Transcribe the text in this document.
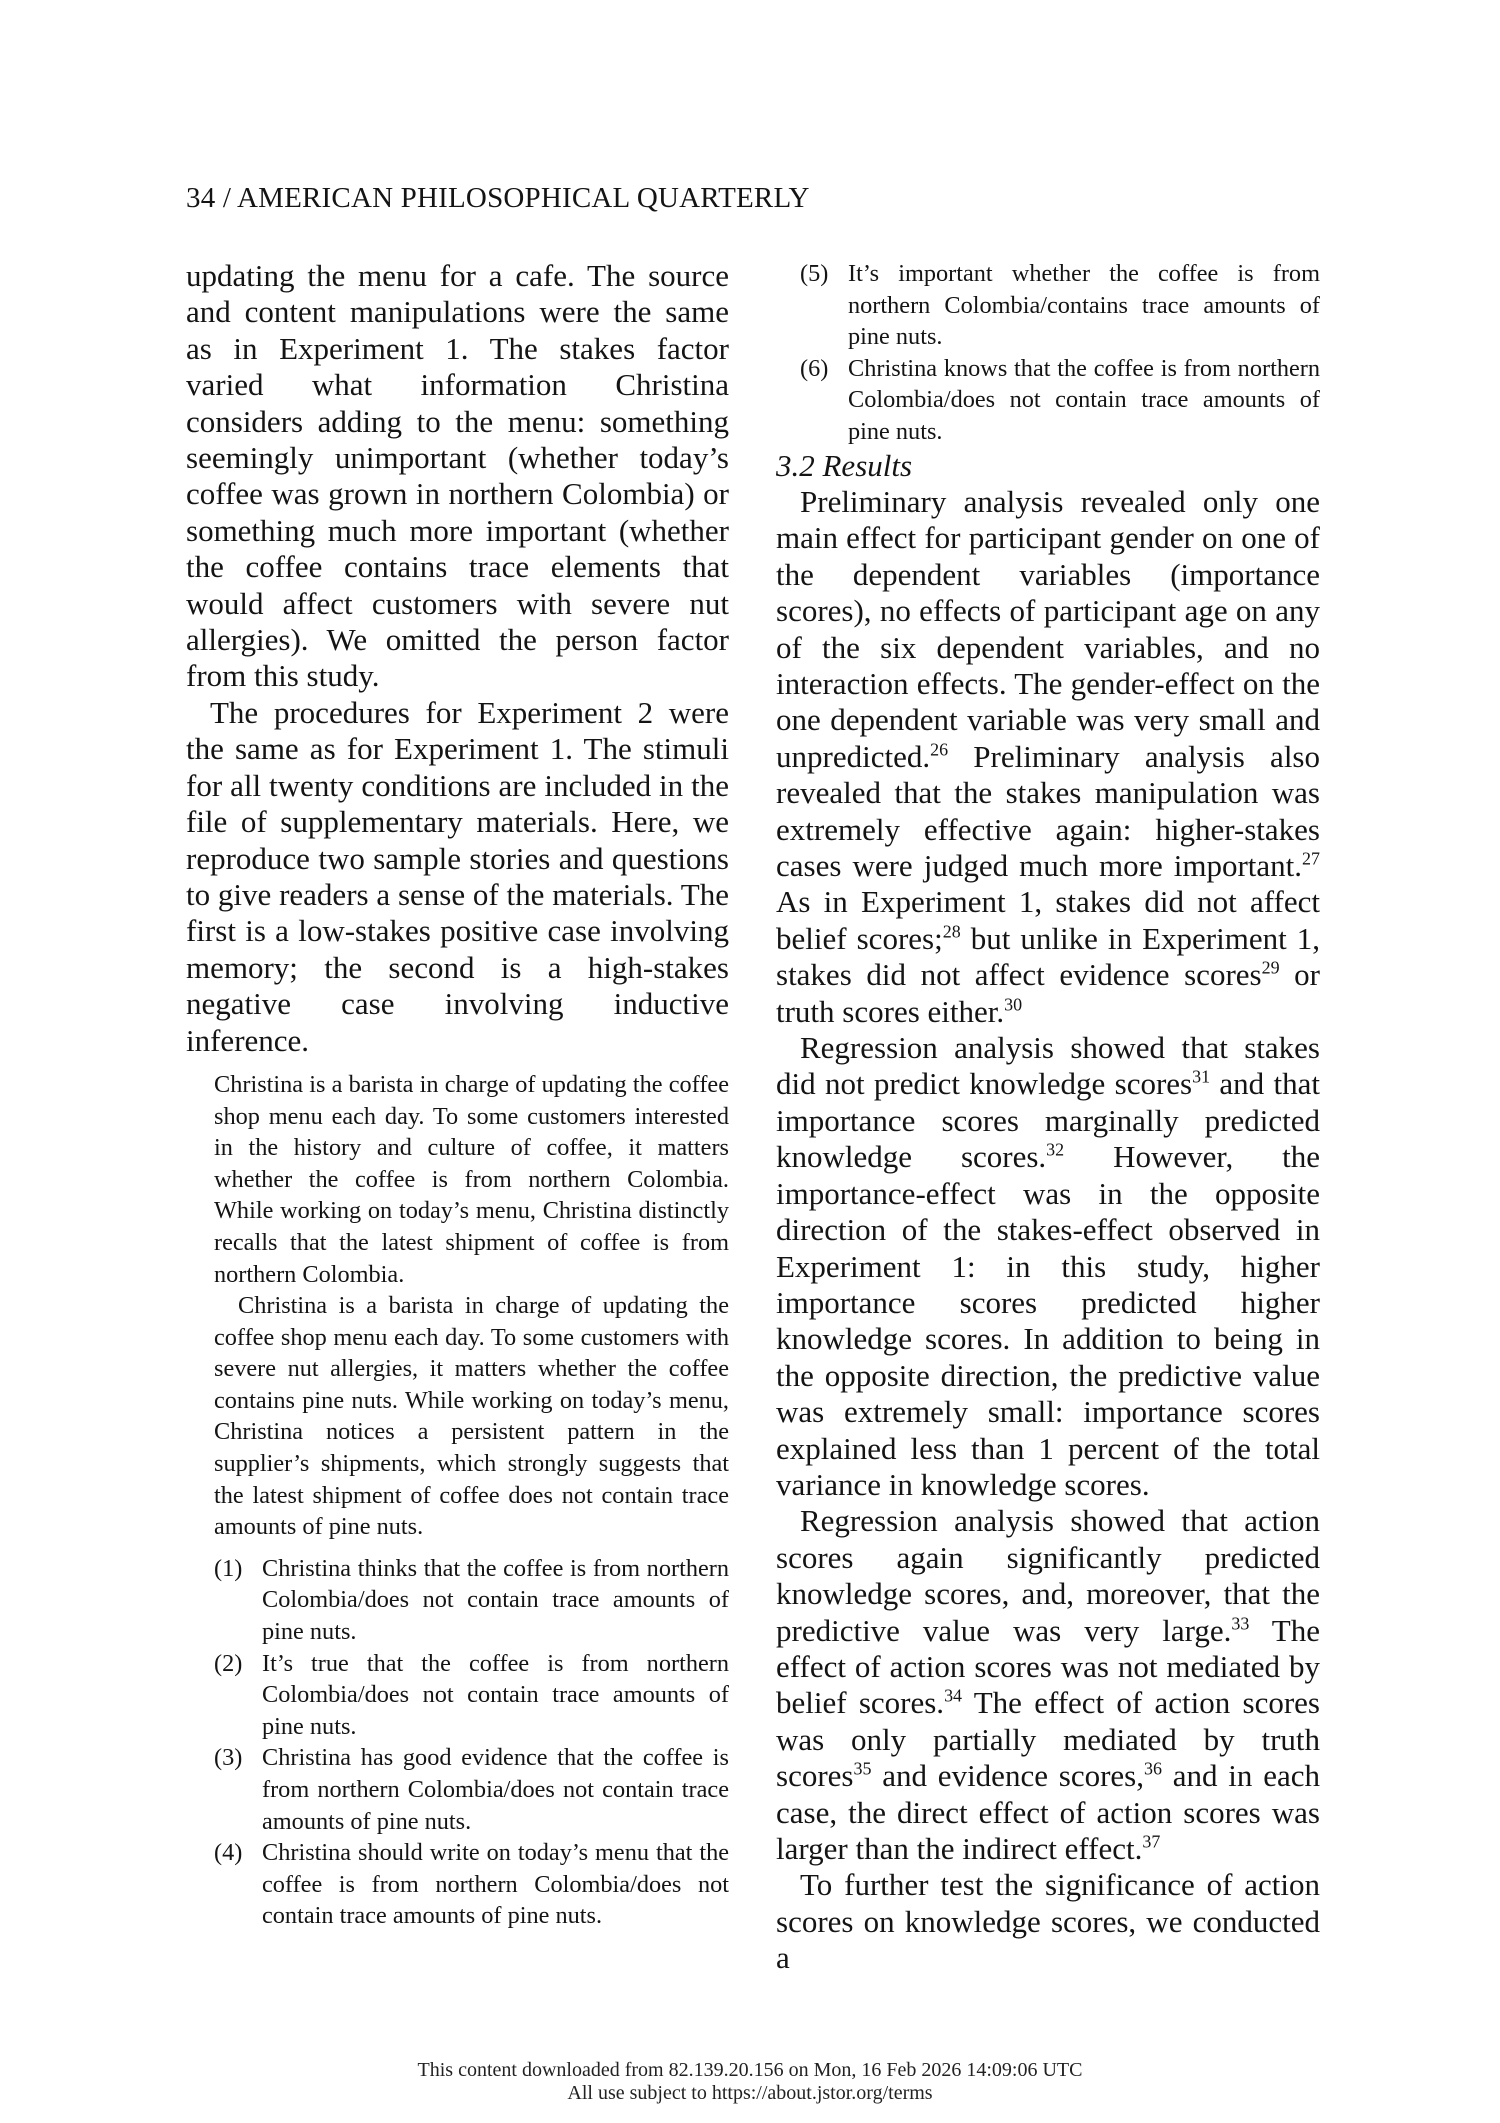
34 / AMERICAN PHILOSOPHICAL QUARTERLY

updating the menu for a cafe. The source and content manipulations were the same as in Experiment 1. The stakes factor varied what information Christina considers adding to the menu: something seemingly unimportant (whether today’s coffee was grown in northern Colombia) or something much more important (whether the coffee contains trace elements that would affect customers with severe nut allergies). We omitted the person factor from this study.

The procedures for Experiment 2 were the same as for Experiment 1. The stimuli for all twenty conditions are included in the file of supplementary materials. Here, we reproduce two sample stories and questions to give readers a sense of the materials. The first is a low-stakes positive case involving memory; the second is a high-stakes negative case involving inductive inference.

Christina is a barista in charge of updating the coffee shop menu each day. To some customers interested in the history and culture of coffee, it matters whether the coffee is from northern Colombia. While working on today’s menu, Christina distinctly recalls that the latest shipment of coffee is from northern Colombia.

Christina is a barista in charge of updating the coffee shop menu each day. To some customers with severe nut allergies, it matters whether the coffee contains pine nuts. While working on today’s menu, Christina notices a persistent pattern in the supplier’s shipments, which strongly suggests that the latest shipment of coffee does not contain trace amounts of pine nuts.

(1) Christina thinks that the coffee is from northern Colombia/does not contain trace amounts of pine nuts.
(2) It’s true that the coffee is from northern Colombia/does not contain trace amounts of pine nuts.
(3) Christina has good evidence that the coffee is from northern Colombia/does not contain trace amounts of pine nuts.
(4) Christina should write on today’s menu that the coffee is from northern Colombia/does not contain trace amounts of pine nuts.
(5) It’s important whether the coffee is from northern Colombia/contains trace amounts of pine nuts.
(6) Christina knows that the coffee is from northern Colombia/does not contain trace amounts of pine nuts.

3.2 Results

Preliminary analysis revealed only one main effect for participant gender on one of the dependent variables (importance scores), no effects of participant age on any of the six dependent variables, and no interaction effects. The gender-effect on the one dependent variable was very small and unpredicted.$^{26}$ Preliminary analysis also revealed that the stakes manipulation was extremely effective again: higher-stakes cases were judged much more important.$^{27}$ As in Experiment 1, stakes did not affect belief scores;$^{28}$ but unlike in Experiment 1, stakes did not affect evidence scores$^{29}$ or truth scores either.$^{30}$

Regression analysis showed that stakes did not predict knowledge scores$^{31}$ and that importance scores marginally predicted knowledge scores.$^{32}$ However, the importance-effect was in the opposite direction of the stakes-effect observed in Experiment 1: in this study, higher importance scores predicted higher knowledge scores. In addition to being in the opposite direction, the predictive value was extremely small: importance scores explained less than 1 percent of the total variance in knowledge scores.

Regression analysis showed that action scores again significantly predicted knowledge scores, and, moreover, that the predictive value was very large.$^{33}$ The effect of action scores was not mediated by belief scores.$^{34}$ The effect of action scores was only partially mediated by truth scores$^{35}$ and evidence scores,$^{36}$ and in each case, the direct effect of action scores was larger than the indirect effect.$^{37}$

To further test the significance of action scores on knowledge scores, we conducted a

This content downloaded from 82.139.20.156 on Mon, 16 Feb 2026 14:09:06 UTC
All use subject to https://about.jstor.org/terms
